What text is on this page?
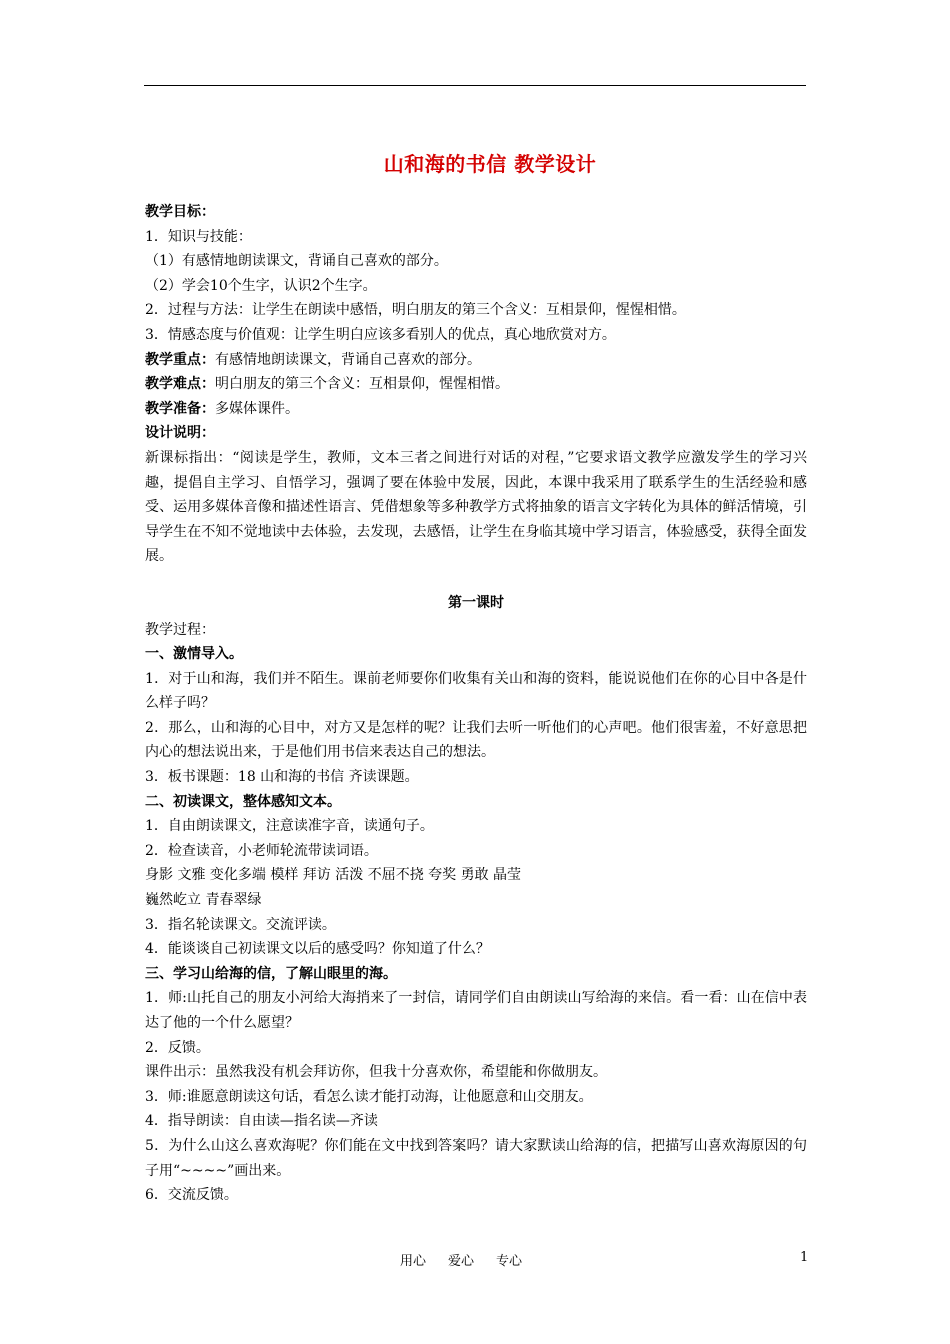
山和海的书信 教学设计

教学目标：

1．知识与技能：

（1）有感情地朗读课文，背诵自己喜欢的部分。

（2）学会10个生字，认识2个生字。

2．过程与方法：让学生在朗读中感悟，明白朋友的第三个含义：互相景仰，惺惺相惜。

3．情感态度与价值观：让学生明白应该多看别人的优点，真心地欣赏对方。

教学重点：有感情地朗读课文，背诵自己喜欢的部分。

教学难点：明白朋友的第三个含义：互相景仰，惺惺相惜。

教学准备：多媒体课件。

设计说明：

新课标指出：“阅读是学生，教师，文本三者之间进行对话的对程，”它要求语文教学应激发学生的学习兴趣，提倡自主学习、自悟学习，强调了要在体验中发展，因此，本课中我采用了联系学生的生活经验和感受、运用多媒体音像和描述性语言、凭借想象等多种教学方式将抽象的语言文字转化为具体的鲜活情境，引导学生在不知不觉地读中去体验，去发现，去感悟，让学生在身临其境中学习语言，体验感受，获得全面发展。

第一课时

教学过程：

一、激情导入。

1．对于山和海，我们并不陌生。课前老师要你们收集有关山和海的资料，能说说他们在你的心目中各是什么样子吗？

2．那么，山和海的心目中，对方又是怎样的呢？让我们去听一听他们的心声吧。他们很害羞，不好意思把内心的想法说出来，于是他们用书信来表达自己的想法。

3．板书课题：18 山和海的书信 齐读课题。

二、初读课文，整体感知文本。

1．自由朗读课文，注意读准字音，读通句子。

2．检查读音，小老师轮流带读词语。

身影 文雅 变化多端 模样 拜访 活泼 不屈不挠 夸奖 勇敢 晶莹

巍然屹立 青春翠绿

3．指名轮读课文。交流评读。

4．能谈谈自己初读课文以后的感受吗？你知道了什么？

三、学习山给海的信，了解山眼里的海。

1．师:山托自己的朋友小河给大海捎来了一封信，请同学们自由朗读山写给海的来信。看一看：山在信中表达了他的一个什么愿望？

2．反馈。

课件出示：虽然我没有机会拜访你，但我十分喜欢你，希望能和你做朋友。

3．师:谁愿意朗读这句话，看怎么读才能打动海，让他愿意和山交朋友。

4．指导朗读：自由读—指名读—齐读

5．为什么山这么喜欢海呢？你们能在文中找到答案吗？请大家默读山给海的信，把描写山喜欢海原因的句子用“~~~~”画出来。

6．交流反馈。

用心 爱心 专心	1
